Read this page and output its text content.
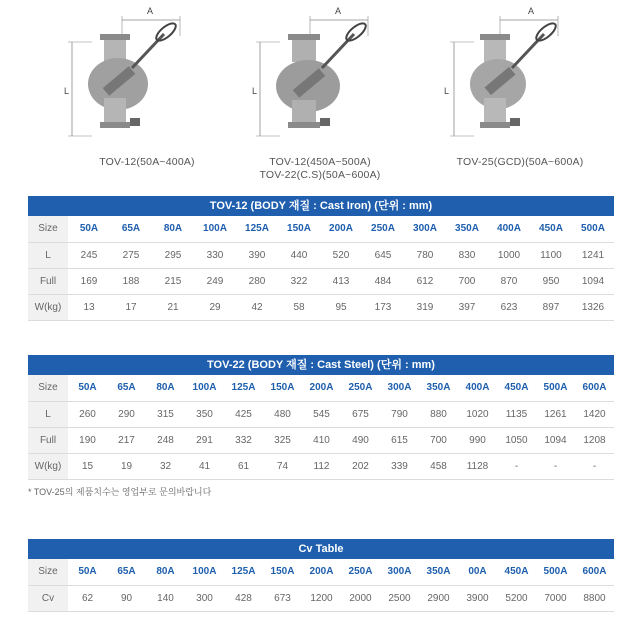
A
L
TOV-12(50A~400A)
A
L
TOV-12(450A~500A)
TOV-22(C.S)(50A~600A)
A
L
TOV-25(GCD)(50A~600A)
TOV-12 (BODY 재질 : Cast Iron) (단위 : mm)
Size	50A	65A	80A	100A	125A	150A	200A	250A	300A	350A	400A	450A	500A
L	245	275	295	330	390	440	520	645	780	830	1000	1100	1241
Full	169	188	215	249	280	322	413	484	612	700	870	950	1094
W(kg)	13	17	21	29	42	58	95	173	319	397	623	897	1326
TOV-22 (BODY 재질 : Cast Steel) (단위 : mm)
Size	50A	65A	80A	100A	125A	150A	200A	250A	300A	350A	400A	450A	500A	600A
L	260	290	315	350	425	480	545	675	790	880	1020	1135	1261	1420
Full	190	217	248	291	332	325	410	490	615	700	990	1050	1094	1208
W(kg)	15	19	32	41	61	74	112	202	339	458	1128	-	-	-
* TOV-25의 제품치수는 영업부로 문의바랍니다
Cv Table
Size	50A	65A	80A	100A	125A	150A	200A	250A	300A	350A	00A	450A	500A	600A
Cv	62	90	140	300	428	673	1200	2000	2500	2900	3900	5200	7000	8800
